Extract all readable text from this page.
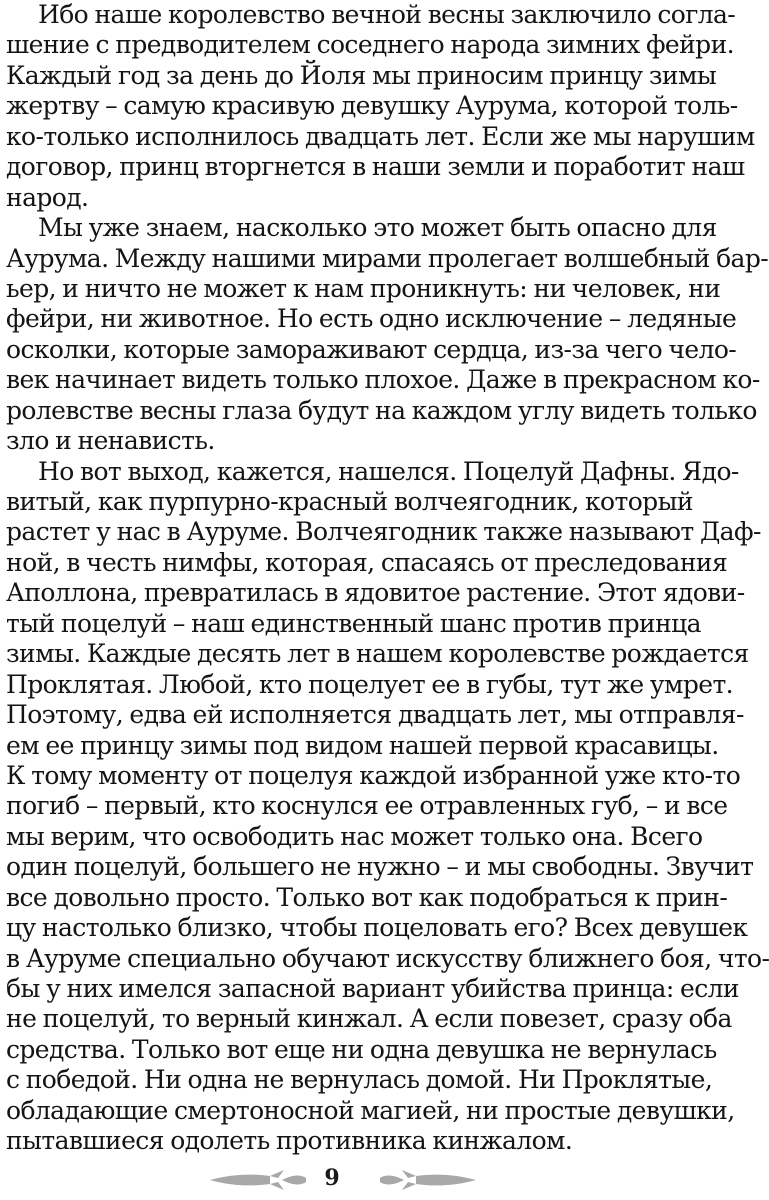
Ибо наше королевство вечной весны заключило согла-
шение с предводителем соседнего народа зимних фейри.
Каждый год за день до Йоля мы приносим принцу зимы
жертву – самую красивую девушку Аурума, которой толь-
ко-только исполнилось двадцать лет. Если же мы нарушим
договор, принц вторгнется в наши земли и поработит наш
народ.
Мы уже знаем, насколько это может быть опасно для
Аурума. Между нашими мирами пролегает волшебный бар-
ьер, и ничто не может к нам проникнуть: ни человек, ни
фейри, ни животное. Но есть одно исключение – ледяные
осколки, которые замораживают сердца, из-за чего чело-
век начинает видеть только плохое. Даже в прекрасном ко-
ролевстве весны глаза будут на каждом углу видеть только
зло и ненависть.
Но вот выход, кажется, нашелся. Поцелуй Дафны. Ядо-
витый, как пурпурно-красный волчеягодник, который
растет у нас в Ауруме. Волчеягодник также называют Даф-
ной, в честь нимфы, которая, спасаясь от преследования
Аполлона, превратилась в ядовитое растение. Этот ядови-
тый поцелуй – наш единственный шанс против принца
зимы. Каждые десять лет в нашем королевстве рождается
Проклятая. Любой, кто поцелует ее в губы, тут же умрет.
Поэтому, едва ей исполняется двадцать лет, мы отправля-
ем ее принцу зимы под видом нашей первой красавицы.
К тому моменту от поцелуя каждой избранной уже кто-то
погиб – первый, кто коснулся ее отравленных губ, – и все
мы верим, что освободить нас может только она. Всего
один поцелуй, большего не нужно – и мы свободны. Звучит
все довольно просто. Только вот как подобраться к прин-
цу настолько близко, чтобы поцеловать его? Всех девушек
в Ауруме специально обучают искусству ближнего боя, что-
бы у них имелся запасной вариант убийства принца: если
не поцелуй, то верный кинжал. А если повезет, сразу оба
средства. Только вот еще ни одна девушка не вернулась
с победой. Ни одна не вернулась домой. Ни Проклятые,
обладающие смертоносной магией, ни простые девушки,
пытавшиеся одолеть противника кинжалом.
9
